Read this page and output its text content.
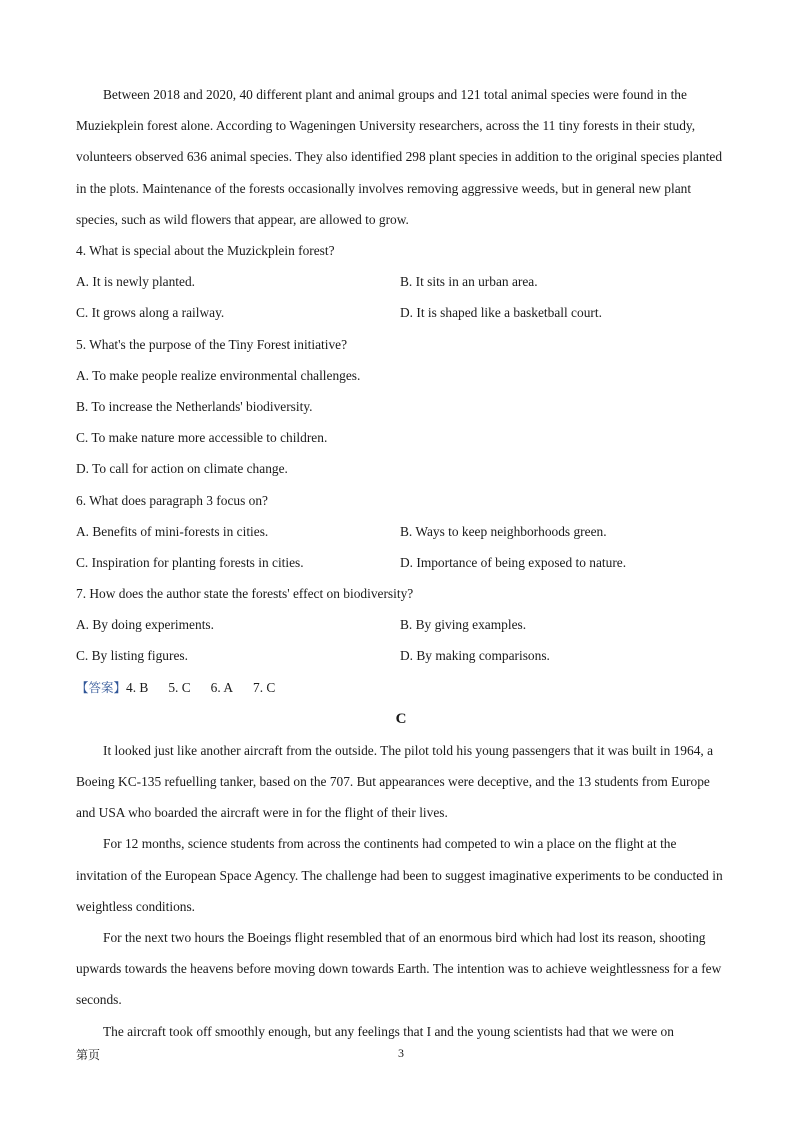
Between 2018 and 2020, 40 different plant and animal groups and 121 total animal species were found in the Muziekplein forest alone. According to Wageningen University researchers, across the 11 tiny forests in their study, volunteers observed 636 animal species. They also identified 298 plant species in addition to the original species planted in the plots. Maintenance of the forests occasionally involves removing aggressive weeds, but in general new plant species, such as wild flowers that appear, are allowed to grow.

4. What is special about the Muzickplein forest?
A. It is newly planted.	B. It sits in an urban area.
C. It grows along a railway.	D. It is shaped like a basketball court.
5. What's the purpose of the Tiny Forest initiative?
A. To make people realize environmental challenges.
B. To increase the Netherlands' biodiversity.
C. To make nature more accessible to children.
D. To call for action on climate change.
6. What does paragraph 3 focus on?
A. Benefits of mini-forests in cities.	B. Ways to keep neighborhoods green.
C. Inspiration for planting forests in cities.	D. Importance of being exposed to nature.
7. How does the author state the forests' effect on biodiversity?
A. By doing experiments.	B. By giving examples.
C. By listing figures.	D. By making comparisons.
【答案】4. B 5. C 6. A 7. C
C

It looked just like another aircraft from the outside. The pilot told his young passengers that it was built in 1964, a Boeing KC-135 refuelling tanker, based on the 707. But appearances were deceptive, and the 13 students from Europe and USA who boarded the aircraft were in for the flight of their lives.

For 12 months, science students from across the continents had competed to win a place on the flight at the invitation of the European Space Agency. The challenge had been to suggest imaginative experiments to be conducted in weightless conditions.

For the next two hours the Boeings flight resembled that of an enormous bird which had lost its reason, shooting upwards towards the heavens before moving down towards Earth. The intention was to achieve weightlessness for a few seconds.

The aircraft took off smoothly enough, but any feelings that I and the young scientists had that we were on

第页	3
